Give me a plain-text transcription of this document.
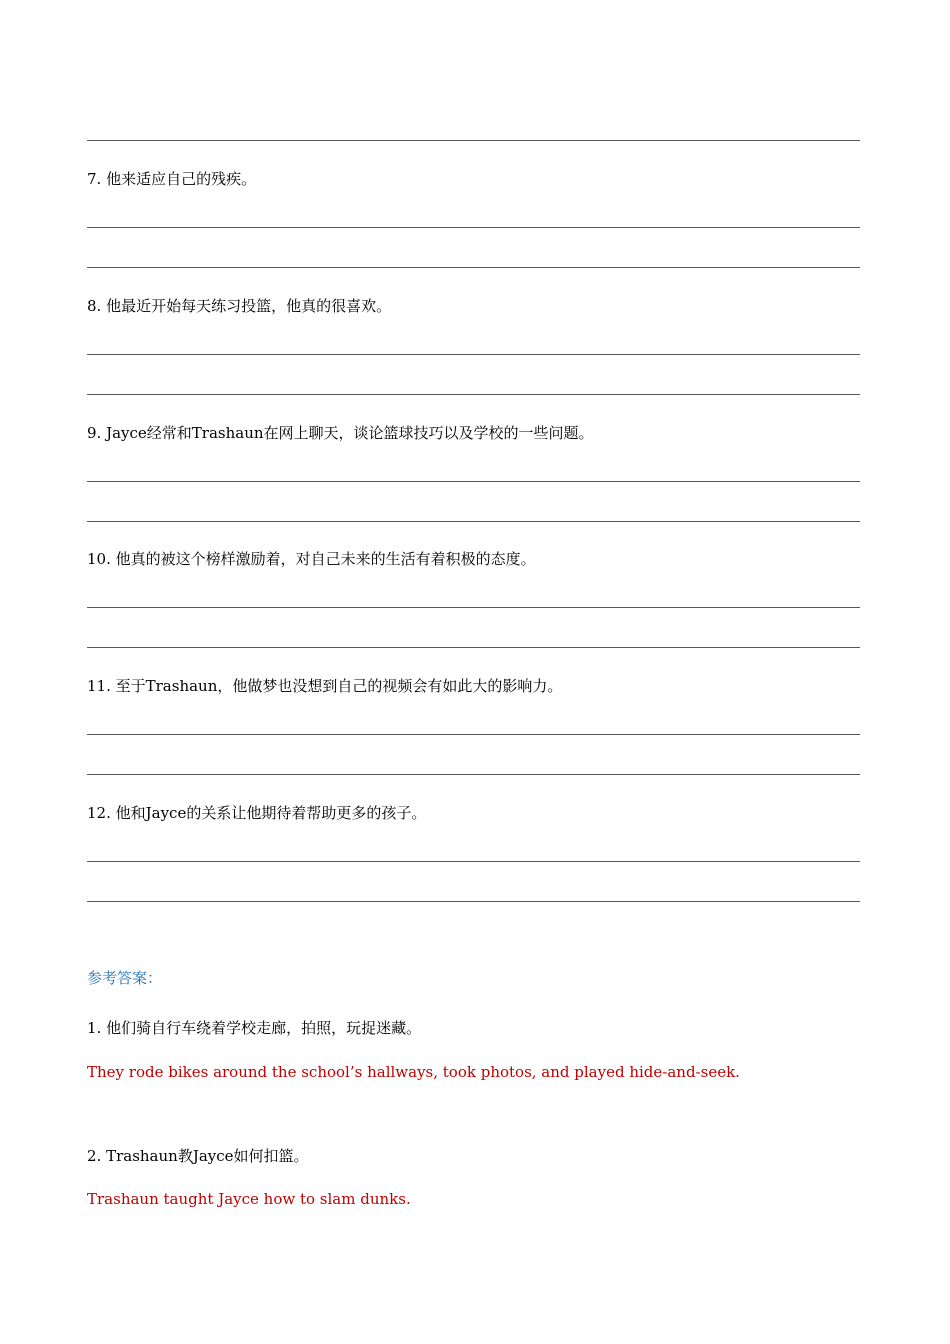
7. 他来适应自己的残疾。
8. 他最近开始每天练习投篮，他真的很喜欢。
9. Jayce经常和Trashaun在网上聊天，谈论篮球技巧以及学校的一些问题。
10. 他真的被这个榜样激励着，对自己未来的生活有着积极的态度。
11. 至于Trashaun，他做梦也没想到自己的视频会有如此大的影响力。
12. 他和Jayce的关系让他期待着帮助更多的孩子。
参考答案：
1. 他们骑自行车绕着学校走廊，拍照，玩捉迷藏。
They rode bikes around the school’s hallways, took photos, and played hide-and-seek.
2. Trashaun教Jayce如何扣篮。
Trashaun taught Jayce how to slam dunks.
